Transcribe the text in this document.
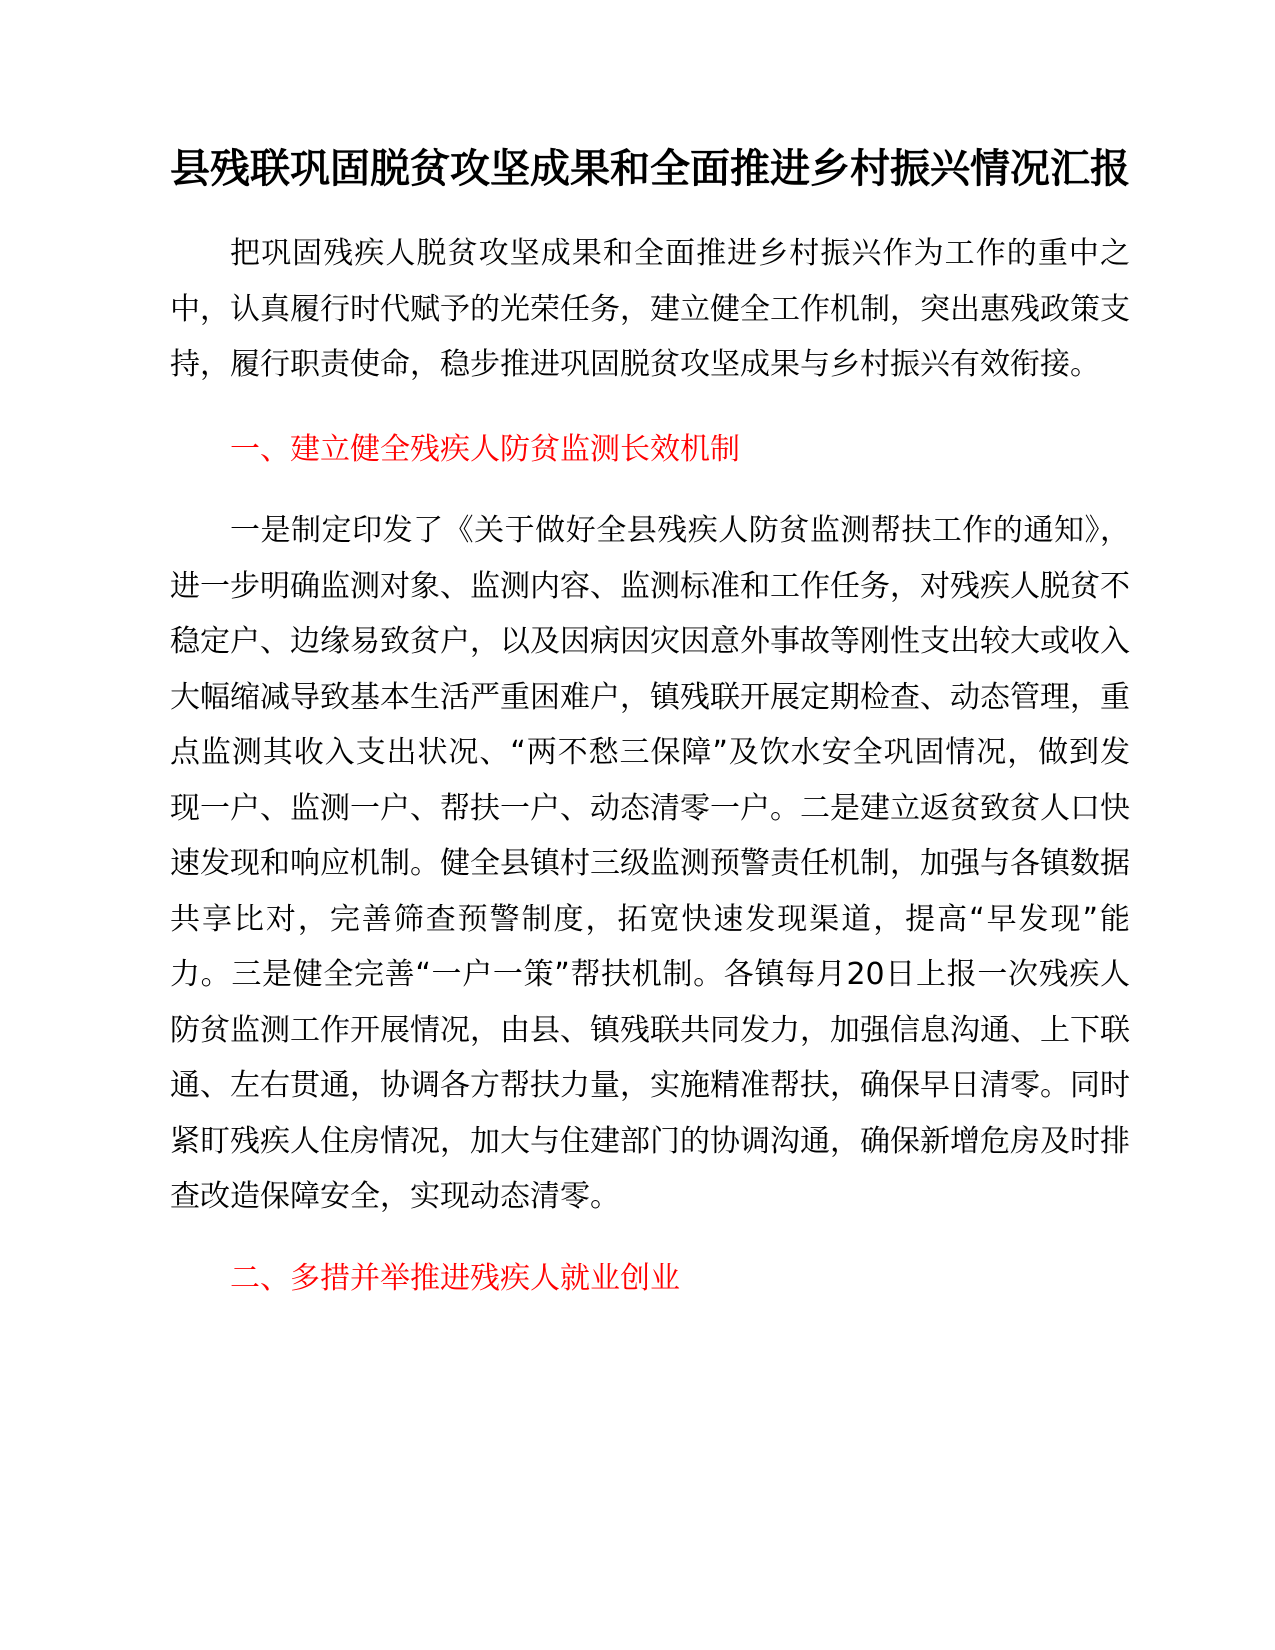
县残联巩固脱贫攻坚成果和全面推进乡村振兴情况汇报

把巩固残疾人脱贫攻坚成果和全面推进乡村振兴作为工作的重中之中，认真履行时代赋予的光荣任务，建立健全工作机制，突出惠残政策支持，履行职责使命，稳步推进巩固脱贫攻坚成果与乡村振兴有效衔接。

一、建立健全残疾人防贫监测长效机制

一是制定印发了《关于做好全县残疾人防贫监测帮扶工作的通知》，进一步明确监测对象、监测内容、监测标准和工作任务，对残疾人脱贫不稳定户、边缘易致贫户，以及因病因灾因意外事故等刚性支出较大或收入大幅缩减导致基本生活严重困难户，镇残联开展定期检查、动态管理，重点监测其收入支出状况、“两不愁三保障”及饮水安全巩固情况，做到发现一户、监测一户、帮扶一户、动态清零一户。二是建立返贫致贫人口快速发现和响应机制。健全县镇村三级监测预警责任机制，加强与各镇数据共享比对，完善筛查预警制度，拓宽快速发现渠道，提高“早发现”能力。三是健全完善“一户一策”帮扶机制。各镇每月20日上报一次残疾人防贫监测工作开展情况，由县、镇残联共同发力，加强信息沟通、上下联通、左右贯通，协调各方帮扶力量，实施精准帮扶，确保早日清零。同时紧盯残疾人住房情况，加大与住建部门的协调沟通，确保新增危房及时排查改造保障安全，实现动态清零。

二、多措并举推进残疾人就业创业
